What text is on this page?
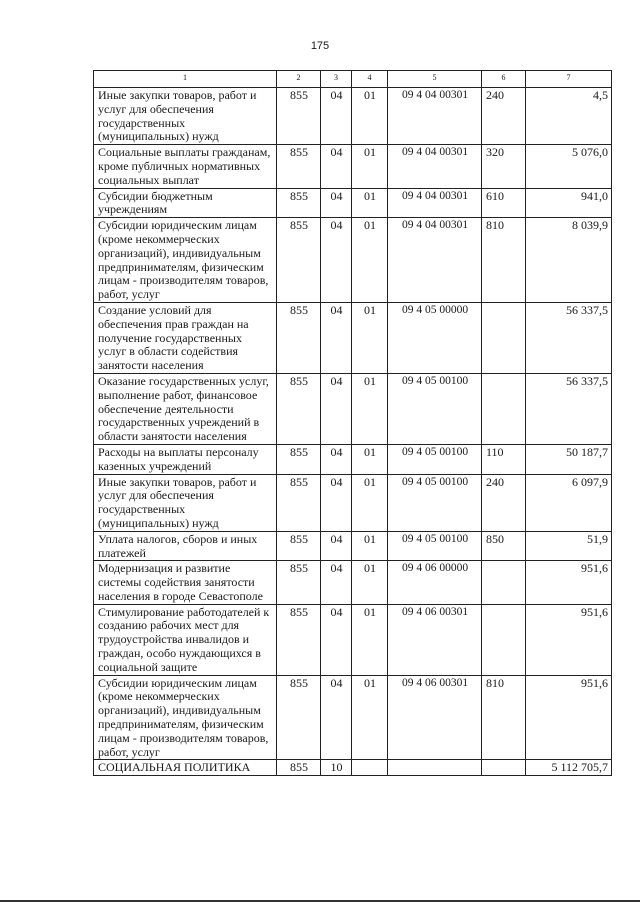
175
1	2	3	4	5	6	7
Иные закупки товаров, работ и услуг для обеспечения государственных (муниципальных) нужд	855	04	01	09 4 04 00301	240	4,5
Социальные выплаты гражданам, кроме публичных нормативных социальных выплат	855	04	01	09 4 04 00301	320	5 076,0
Субсидии бюджетным учреждениям	855	04	01	09 4 04 00301	610	941,0
Субсидии юридическим лицам (кроме некоммерческих организаций), индивидуальным предпринимателям, физическим лицам - производителям товаров, работ, услуг	855	04	01	09 4 04 00301	810	8 039,9
Создание условий для обеспечения прав граждан на получение государственных услуг в области содействия занятости населения	855	04	01	09 4 05 00000		56 337,5
Оказание государственных услуг, выполнение работ, финансовое обеспечение деятельности государственных учреждений в области занятости населения	855	04	01	09 4 05 00100		56 337,5
Расходы на выплаты персоналу казенных учреждений	855	04	01	09 4 05 00100	110	50 187,7
Иные закупки товаров, работ и услуг для обеспечения государственных (муниципальных) нужд	855	04	01	09 4 05 00100	240	6 097,9
Уплата налогов, сборов и иных платежей	855	04	01	09 4 05 00100	850	51,9
Модернизация и развитие системы содействия занятости населения в городе Севастополе	855	04	01	09 4 06 00000		951,6
Стимулирование работодателей к созданию рабочих мест для трудоустройства инвалидов и граждан, особо нуждающихся в социальной защите	855	04	01	09 4 06 00301		951,6
Субсидии юридическим лицам (кроме некоммерческих организаций), индивидуальным предпринимателям, физическим лицам - производителям товаров, работ, услуг	855	04	01	09 4 06 00301	810	951,6
СОЦИАЛЬНАЯ ПОЛИТИКА	855	10				5 112 705,7
